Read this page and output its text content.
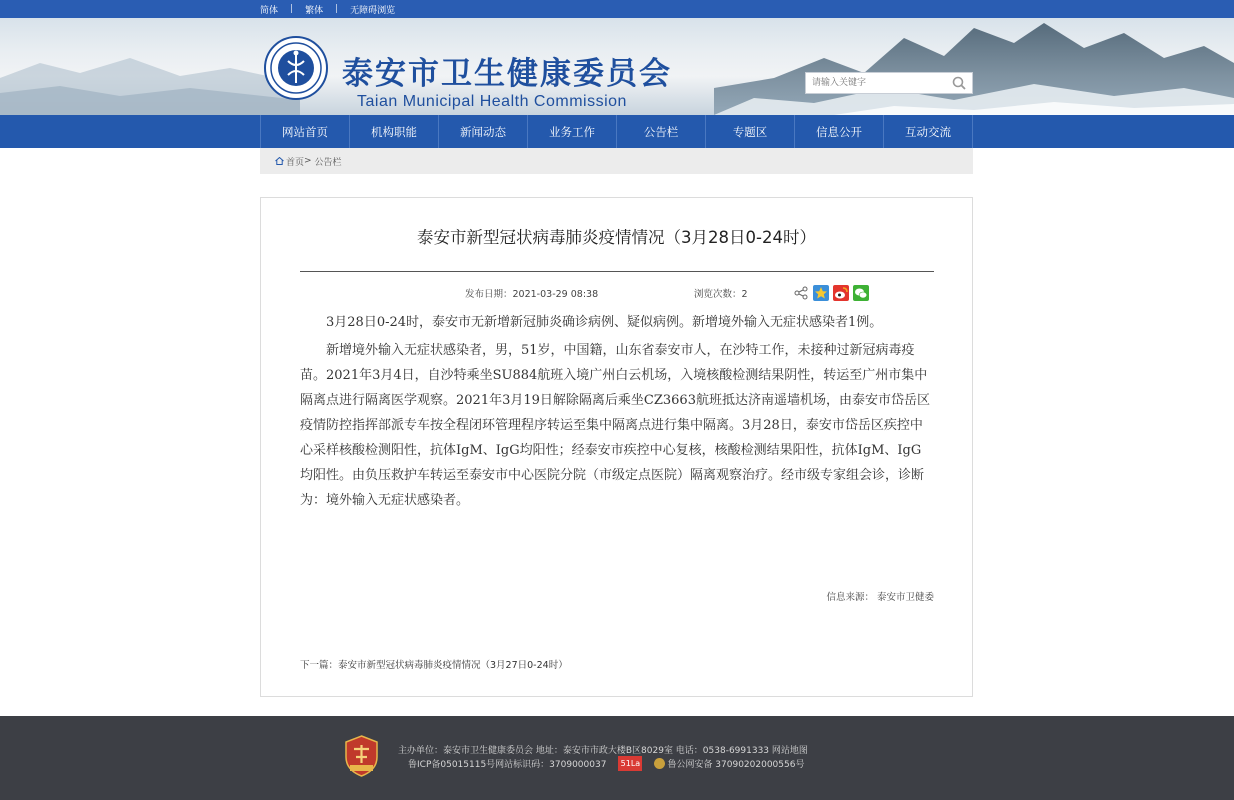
简体 | 繁体 | 无障碍浏览
泰安市卫生健康委员会
Taian Municipal Health Commission
请输入关键字
网站首页	机构职能	新闻动态	业务工作	公告栏	专题区	信息公开	互动交流
首页 >
公告栏
泰安市新型冠状病毒肺炎疫情情况（3月28日0-24时）
发布日期：2021-03-29 08:38	浏览次数：2

3月28日0-24时，泰安市无新增新冠肺炎确诊病例、疑似病例。新增境外输入无症状感染者1例。

新增境外输入无症状感染者，男，51岁，中国籍，山东省泰安市人，在沙特工作，未接种过新冠病毒疫苗。2021年3月4日，自沙特乘坐SU884航班入境广州白云机场，入境核酸检测结果阴性，转运至广州市集中隔离点进行隔离医学观察。2021年3月19日解除隔离后乘坐CZ3663航班抵达济南遥墙机场，由泰安市岱岳区疫情防控指挥部派专车按全程闭环管理程序转运至集中隔离点进行集中隔离。3月28日，泰安市岱岳区疾控中心采样核酸检测阳性，抗体IgM、IgG均阳性；经泰安市疾控中心复核，核酸检测结果阳性，抗体IgM、IgG均阳性。由负压救护车转运至泰安市中心医院分院（市级定点医院）隔离观察治疗。经市级专家组会诊，诊断为：境外输入无症状感染者。

信息来源： 泰安市卫健委
下一篇：泰安市新型冠状病毒肺炎疫情情况（3月27日0-24时）
主办单位：泰安市卫生健康委员会 地址：泰安市市政大楼B区8029室 电话：0538-6991333 网站地图
鲁ICP备05015115号网站标识码：3709000037 51La	鲁公网安备 37090202000556号
